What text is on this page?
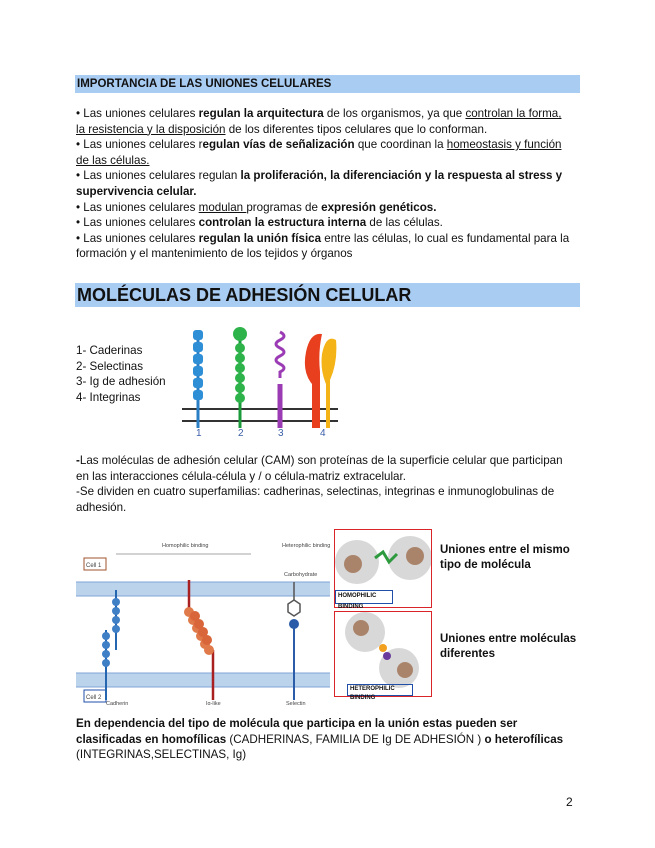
IMPORTANCIA DE LAS UNIONES CELULARES

• Las uniones celulares regulan la arquitectura de los organismos, ya que controlan la forma,
la resistencia y la disposición de los diferentes tipos celulares que lo conforman.

• Las uniones celulares regulan vías de señalización que coordinan la homeostasis y función
de las células.

• Las uniones celulares regulan la proliferación, la diferenciación y la respuesta al stress y
supervivencia celular.

• Las uniones celulares modulan programas de expresión genéticos.

• Las uniones celulares controlan la estructura interna de las células.

• Las uniones celulares regulan la unión física entre las células, lo cual es fundamental para la
formación y el mantenimiento de los tejidos y órganos

MOLÉCULAS DE ADHESIÓN CELULAR
1- Caderinas
2- Selectinas
3- Ig de adhesión
4- Integrinas
1	2	3	4

-Las moléculas de adhesión celular (CAM) son proteínas de la superficie celular que participan
en las interacciones célula-célula y / o célula-matriz extracelular.

-Se dividen en cuatro superfamilias: cadherinas, selectinas, integrinas e inmunoglobulinas de
adhesión.

Cell 1
Cell 2
Homophilic binding	Heterophilic binding
Carbohydrate
Cadherin	Ig-like	Selectin
HOMOPHILIC BINDING
Uniones entre el mismo
tipo de molécula
HETEROPHILIC BINDING
Uniones entre moléculas
diferentes

En dependencia del tipo de molécula que participa en la unión estas pueden ser
clasificadas en homofílicas (CADHERINAS, FAMILIA DE Ig DE ADHESIÓN ) o heterofílicas
(INTEGRINAS,SELECTINAS, Ig)

2
